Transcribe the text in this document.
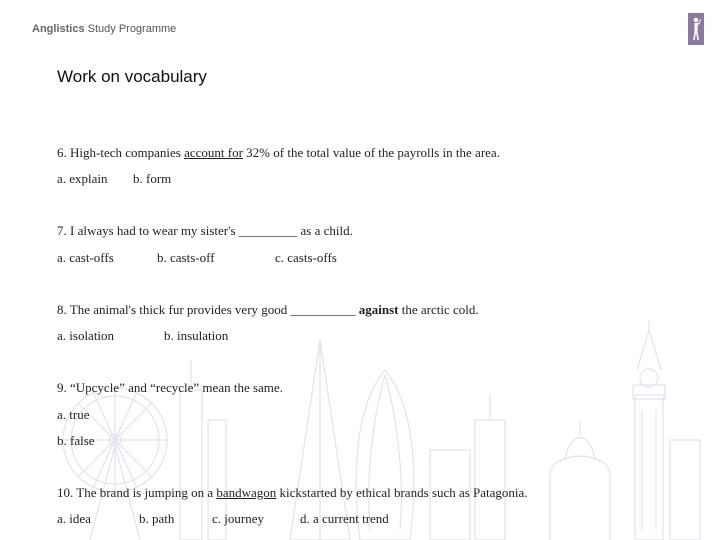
Anglistics Study Programme
Work on vocabulary
6. High-tech companies account for 32% of the total value of the payrolls in the area.
a. explain b. form
7. I always had to wear my sister's _________ as a child.
a. cast-offs	b. casts-off	c. casts-offs
8. The animal's thick fur provides very good __________ against the arctic cold.
a. isolation	b. insulation
9. “Upcycle” and “recycle” mean the same.
a. true
b. false
10. The brand is jumping on a bandwagon kickstarted by ethical brands such as Patagonia.
a. idea	b. path	c. journey	d. a current trend
